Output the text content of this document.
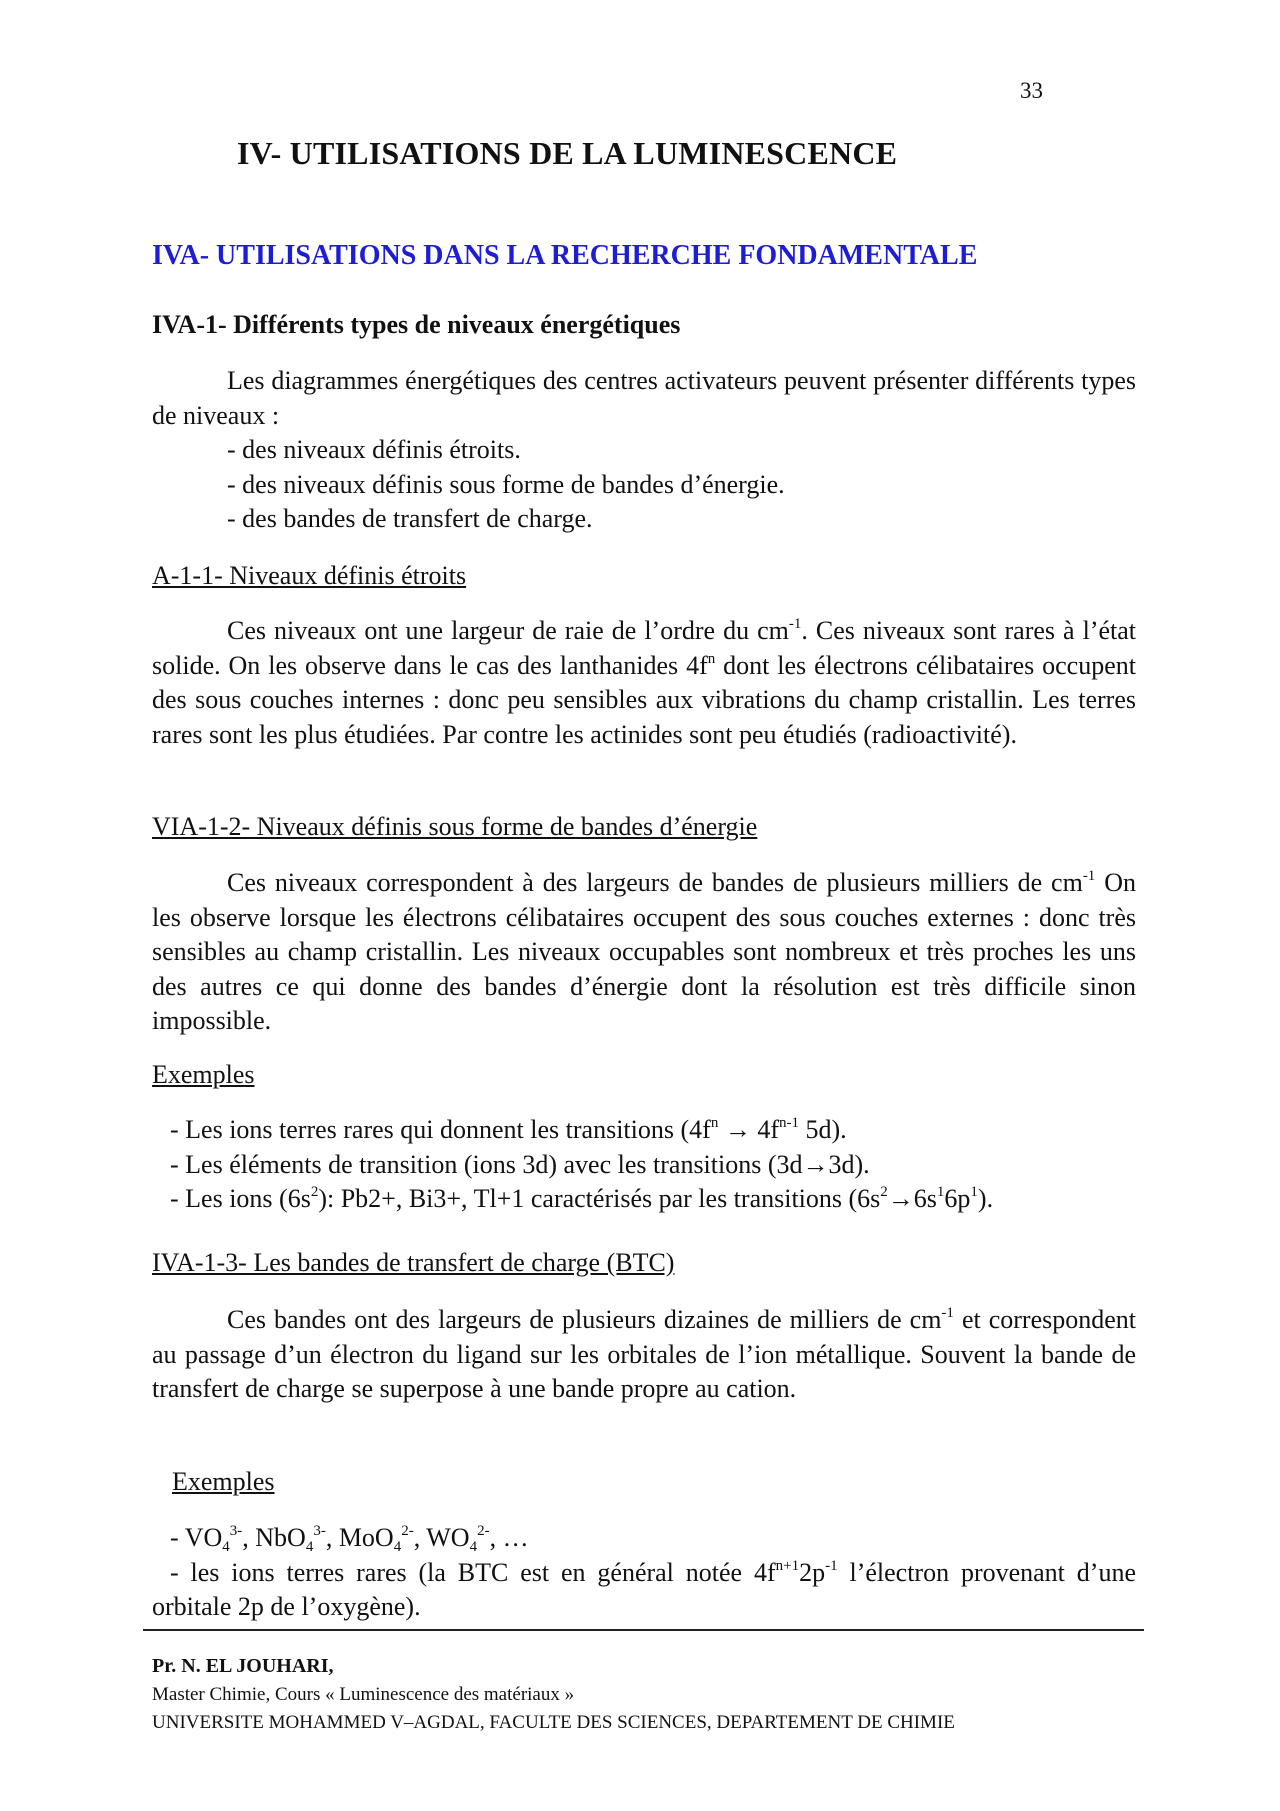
33
IV- UTILISATIONS DE LA LUMINESCENCE
IVA- UTILISATIONS DANS LA RECHERCHE FONDAMENTALE
IVA-1- Différents types de niveaux énergétiques

Les diagrammes énergétiques des centres activateurs peuvent présenter différents types de niveaux :

- des niveaux définis étroits.

- des niveaux définis sous forme de bandes d’énergie.

- des bandes de transfert de charge.

A-1-1- Niveaux définis étroits

Ces niveaux ont une largeur de raie de l’ordre du $cm^{-1}$. Ces niveaux sont rares à l’état solide. On les observe dans le cas des lanthanides $4f^n$ dont les électrons célibataires occupent des sous couches internes : donc peu sensibles aux vibrations du champ cristallin. Les terres rares sont les plus étudiées. Par contre les actinides sont peu étudiés (radioactivité).

VIA-1-2- Niveaux définis sous forme de bandes d’énergie

Ces niveaux correspondent à des largeurs de bandes de plusieurs milliers de $cm^{-1}$ On les observe lorsque les électrons célibataires occupent des sous couches externes : donc très sensibles au champ cristallin. Les niveaux occupables sont nombreux et très proches les uns des autres ce qui donne des bandes d’énergie dont la résolution est très difficile sinon impossible.

Exemples
- Les ions terres rares qui donnent les transitions ($4f^n \to 4f^{n-1}$ 5d).
- Les éléments de transition (ions 3d) avec les transitions (3d→3d).
- Les ions $(6s^2)$: Pb2+, Bi3+, Tl+1 caractérisés par les transitions $(6s^2\to 6s^16p^1)$.
IVA-1-3- Les bandes de transfert de charge (BTC)

Ces bandes ont des largeurs de plusieurs dizaines de milliers de $cm^{-1}$ et correspondent au passage d’un électron du ligand sur les orbitales de l’ion métallique. Souvent la bande de transfert de charge se superpose à une bande propre au cation.

Exemples

- $VO_4^{3-}$, NbO$_4^{3-}$, MoO$_4^{2-}$, $WO_4^{2-}$, …

- les ions terres rares (la BTC est en général notée $4f^{n+1}2p^{-1}$ l’électron provenant d’une orbitale 2p de l’oxygène).

Pr. N. EL JOUHARI,
Master Chimie, Cours « Luminescence des matériaux »
UNIVERSITE MOHAMMED V–AGDAL, FACULTE DES SCIENCES, DEPARTEMENT DE CHIMIE
